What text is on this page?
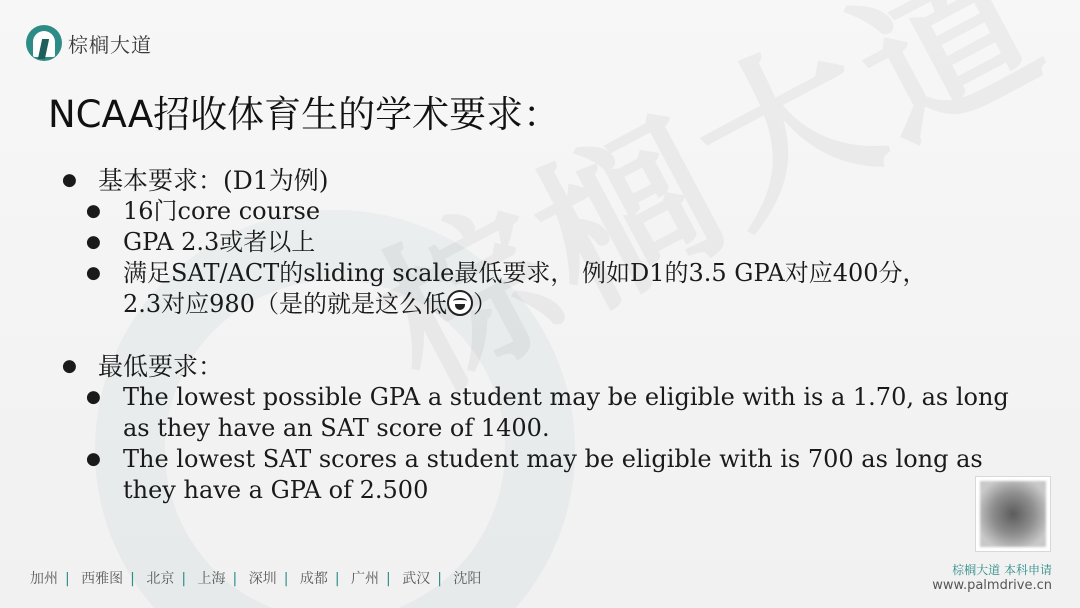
棕榈大道
NCAA招收体育生的学术要求：

● 基本要求：(D1为例)

● 16门core course

● GPA 2.3或者以上

● 满足SAT/ACT的sliding scale最低要求， 例如D1的3.5 GPA对应400分，
2.3对应980（是的就是这么低 ）

● 最低要求：

● The lowest possible GPA a student may be eligible with is a 1.70, as long as they have an SAT score of 1400.

● The lowest SAT scores a student may be eligible with is 700 as long as they have a GPA of 2.500

加州 | 西雅图 | 北京 | 上海 | 深圳 | 成都 | 广州 | 武汉 | 沈阳
棕榈大道 本科申请
www.palmdrive.cn
